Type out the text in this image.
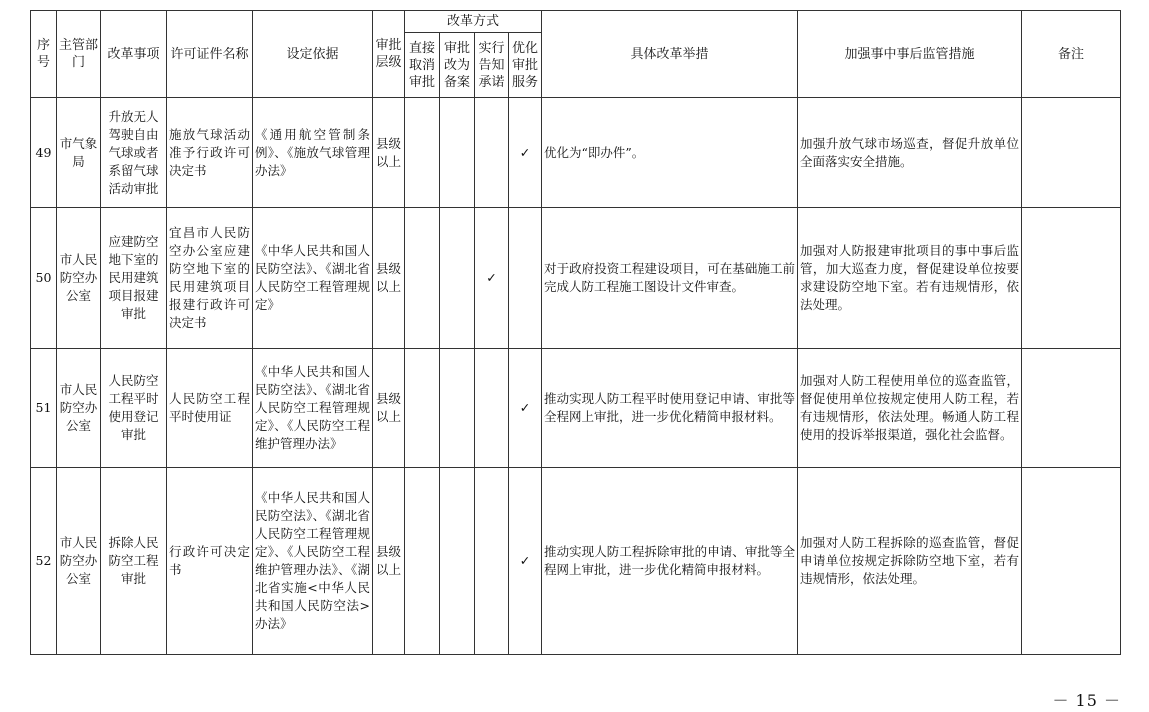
序号	主管部门	改革事项	许可证件名称	设定依据	审批层级	改革方式				具体改革举措	加强事中事后监管措施	备注
						直接取消审批	审批改为备案	实行告知承诺	优化审批服务			
49	市气象局	升放无人驾驶自由气球或者系留气球活动审批	施放气球活动准予行政许可决定书	《通用航空管制条例》、《施放气球管理办法》	县级以上				✓	优化为“即办件”。	加强升放气球市场巡查，督促升放单位全面落实安全措施。	
50	市人民防空办公室	应建防空地下室的民用建筑项目报建审批	宜昌市人民防空办公室应建防空地下室的民用建筑项目报建行政许可决定书	《中华人民共和国人民防空法》、《湖北省人民防空工程管理规定》	县级以上			✓		对于政府投资工程建设项目，可在基础施工前完成人防工程施工图设计文件审查。	加强对人防报建审批项目的事中事后监管，加大巡查力度，督促建设单位按要求建设防空地下室。若有违规情形，依法处理。	
51	市人民防空办公室	人民防空工程平时使用登记审批	人民防空工程平时使用证	《中华人民共和国人民防空法》、《湖北省人民防空工程管理规定》、《人民防空工程维护管理办法》	县级以上				✓	推动实现人防工程平时使用登记申请、审批等全程网上审批，进一步优化精简申报材料。	加强对人防工程使用单位的巡查监管，督促使用单位按规定使用人防工程，若有违规情形，依法处理。畅通人防工程使用的投诉举报渠道，强化社会监督。	
52	市人民防空办公室	拆除人民防空工程审批	行政许可决定书	《中华人民共和国人民防空法》、《湖北省人民防空工程管理规定》、《人民防空工程维护管理办法》、《湖北省实施<中华人民共和国人民防空法>办法》	县级以上				✓	推动实现人防工程拆除审批的申请、审批等全程网上审批，进一步优化精简申报材料。	加强对人防工程拆除的巡查监管，督促申请单位按规定拆除防空地下室，若有违规情形，依法处理。	
－ 15 －
